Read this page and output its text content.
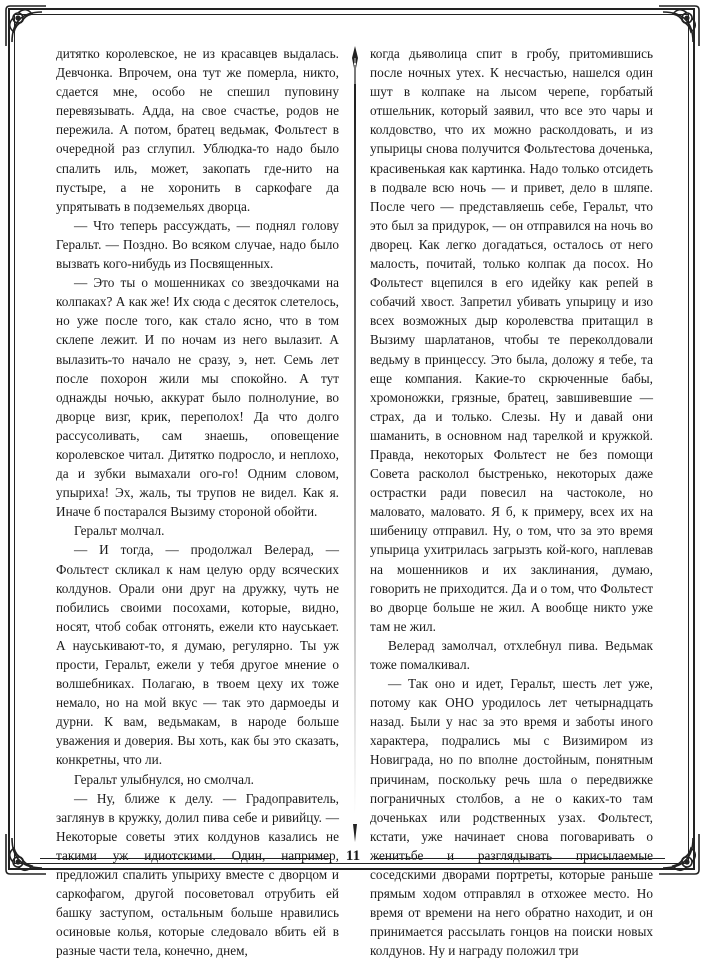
дитятко королевское, не из красавцев выдалась. Девчонка. Впрочем, она тут же померла, никто, сдается мне, особо не спешил пуповину перевязывать. Адда, на свое счастье, родов не пережила. А потом, братец ведьмак, Фольтест в очередной раз сглупил. Ублюдка-то надо было спалить иль, может, закопать где-нито на пустыре, а не хоронить в саркофаге да упрятывать в подземельях дворца.

— Что теперь рассуждать, — поднял голову Геральт. — Поздно. Во всяком случае, надо было вызвать кого-нибудь из Посвященных.

— Это ты о мошенниках со звездочками на колпаках? А как же! Их сюда с десяток слетелось, но уже после того, как стало ясно, что в том склепе лежит. И по ночам из него вылазит. А вылазить-то начало не сразу, э, нет. Семь лет после похорон жили мы спокойно. А тут однажды ночью, аккурат было полнолуние, во дворце визг, крик, переполох! Да что долго рассусоливать, сам знаешь, оповещение королевское читал. Дитятко подросло, и неплохо, да и зубки вымахали ого-го! Одним словом, упыриха! Эх, жаль, ты трупов не видел. Как я. Иначе б постарался Вызиму стороной обойти.

Геральт молчал.

— И тогда, — продолжал Велерад, — Фольтест скликал к нам целую орду всяческих колдунов. Орали они друг на дружку, чуть не побились своими посохами, которые, видно, носят, чтоб собак отгонять, ежели кто науськает. А науськивают-то, я думаю, регулярно. Ты уж прости, Геральт, ежели у тебя другое мнение о волшебниках. Полагаю, в твоем цеху их тоже немало, но на мой вкус — так это дармоеды и дурни. К вам, ведьмакам, в народе больше уважения и доверия. Вы хоть, как бы это сказать, конкретны, что ли.

Геральт улыбнулся, но смолчал.

— Ну, ближе к делу. — Градоправитель, заглянув в кружку, долил пива себе и ривийцу. — Некоторые советы этих колдунов казались не такими уж идиотскими. Один, например, предложил спалить упыриху вместе с дворцом и саркофагом, другой посоветовал отрубить ей башку заступом, остальным больше нравились осиновые колья, которые следовало вбить ей в разные части тела, конечно, днем,

когда дьяволица спит в гробу, притомившись после ночных утех. К несчастью, нашелся один шут в колпаке на лысом черепе, горбатый отшельник, который заявил, что все это чары и колдовство, что их можно расколдовать, и из упырицы снова получится Фольтестова доченька, красивенькая как картинка. Надо только отсидеть в подвале всю ночь — и привет, дело в шляпе. После чего — представляешь себе, Геральт, что это был за придурок, — он отправился на ночь во дворец. Как легко догадаться, осталось от него малость, почитай, только колпак да посох. Но Фольтест вцепился в его идейку как репей в собачий хвост. Запретил убивать упырицу и изо всех возможных дыр королевства притащил в Вызиму шарлатанов, чтобы те переколдовали ведьму в принцессу. Это была, доложу я тебе, та еще компания. Какие-то скрюченные бабы, хромоножки, грязные, братец, завшивевшие — страх, да и только. Слезы. Ну и давай они шаманить, в основном над тарелкой и кружкой. Правда, некоторых Фольтест не без помощи Совета расколол быстренько, некоторых даже острастки ради повесил на частоколе, но маловато, маловато. Я б, к примеру, всех их на шибеницу отправил. Ну, о том, что за это время упырица ухитрилась загрызть кой-кого, наплевав на мошенников и их заклинания, думаю, говорить не приходится. Да и о том, что Фольтест во дворце больше не жил. А вообще никто уже там не жил.

Велерад замолчал, отхлебнул пива. Ведьмак тоже помалкивал.

— Так оно и идет, Геральт, шесть лет уже, потому как ОНО уродилось лет четырнадцать назад. Были у нас за это время и заботы иного характера, подрались мы с Визимиром из Новиграда, но по вполне достойным, понятным причинам, поскольку речь шла о передвижке пограничных столбов, а не о каких-то там доченьках или родственных узах. Фольтест, кстати, уже начинает снова поговаривать о женитьбе и разглядывать присылаемые соседскими дворами портреты, которые раньше прямым ходом отправлял в отхожее место. Но время от времени на него обратно находит, и он принимается рассылать гонцов на поиски новых колдунов. Ну и награду положил три

11
